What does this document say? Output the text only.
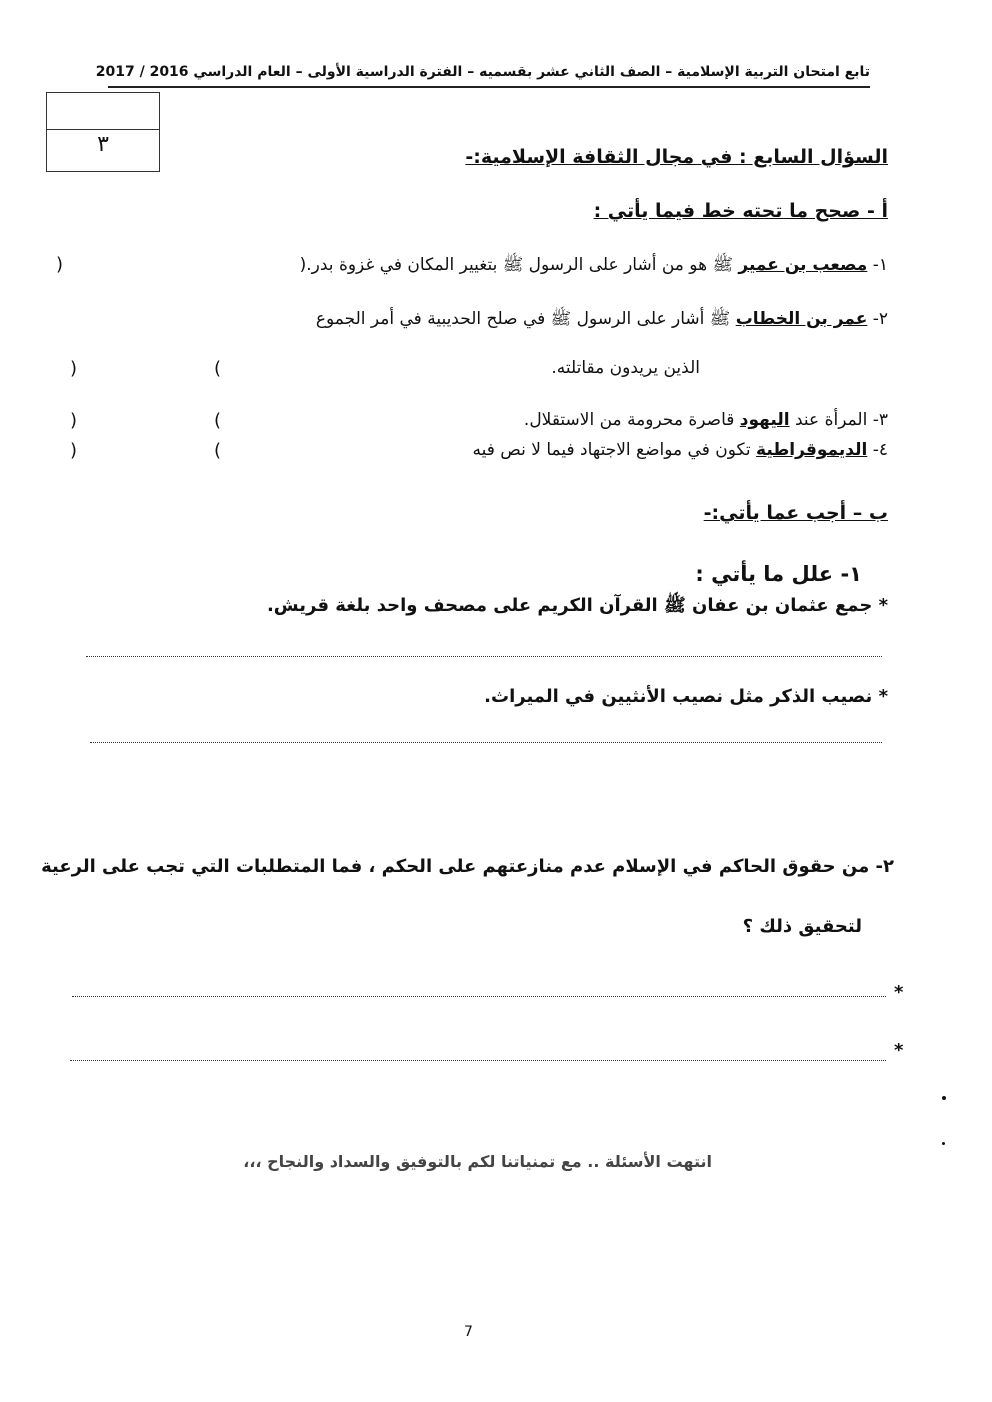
تابع امتحان التربية الإسلامية – الصف الثاني عشر بقسميه – الفترة الدراسية الأولى – العام الدراسي 2016 / 2017
٣	السؤال السابع : في مجال الثقافة الإسلامية:-
أ - صحح ما تحته خط فيما يأتي :
١- مصعب بن عمير ﷺ هو من أشار على الرسول ﷺ بتغيير المكان في غزوة بدر.(
)
٢- عمر بن الخطاب ﷺ أشار على الرسول ﷺ في صلح الحديبية في أمر الجموع
الذين يريدون مقاتلته.
(
)
٣- المرأة عند اليهود قاصرة محرومة من الاستقلال.
(
)
٤- الديموقراطية تكون في مواضع الاجتهاد فيما لا نص فيه
(
)
ب – أجب عما يأتي:-
١- علل ما يأتي :
* جمع عثمان بن عفان ﷺ القرآن الكريم على مصحف واحد بلغة قريش.
* نصيب الذكر مثل نصيب الأنثيين في الميراث.
٢- من حقوق الحاكم في الإسلام عدم منازعتهم على الحكم ، فما المتطلبات التي تجب على الرعية
لتحقيق ذلك ؟
*
*
انتهت الأسئلة .. مع تمنياتنا لكم بالتوفيق والسداد والنجاح ،،،
7
